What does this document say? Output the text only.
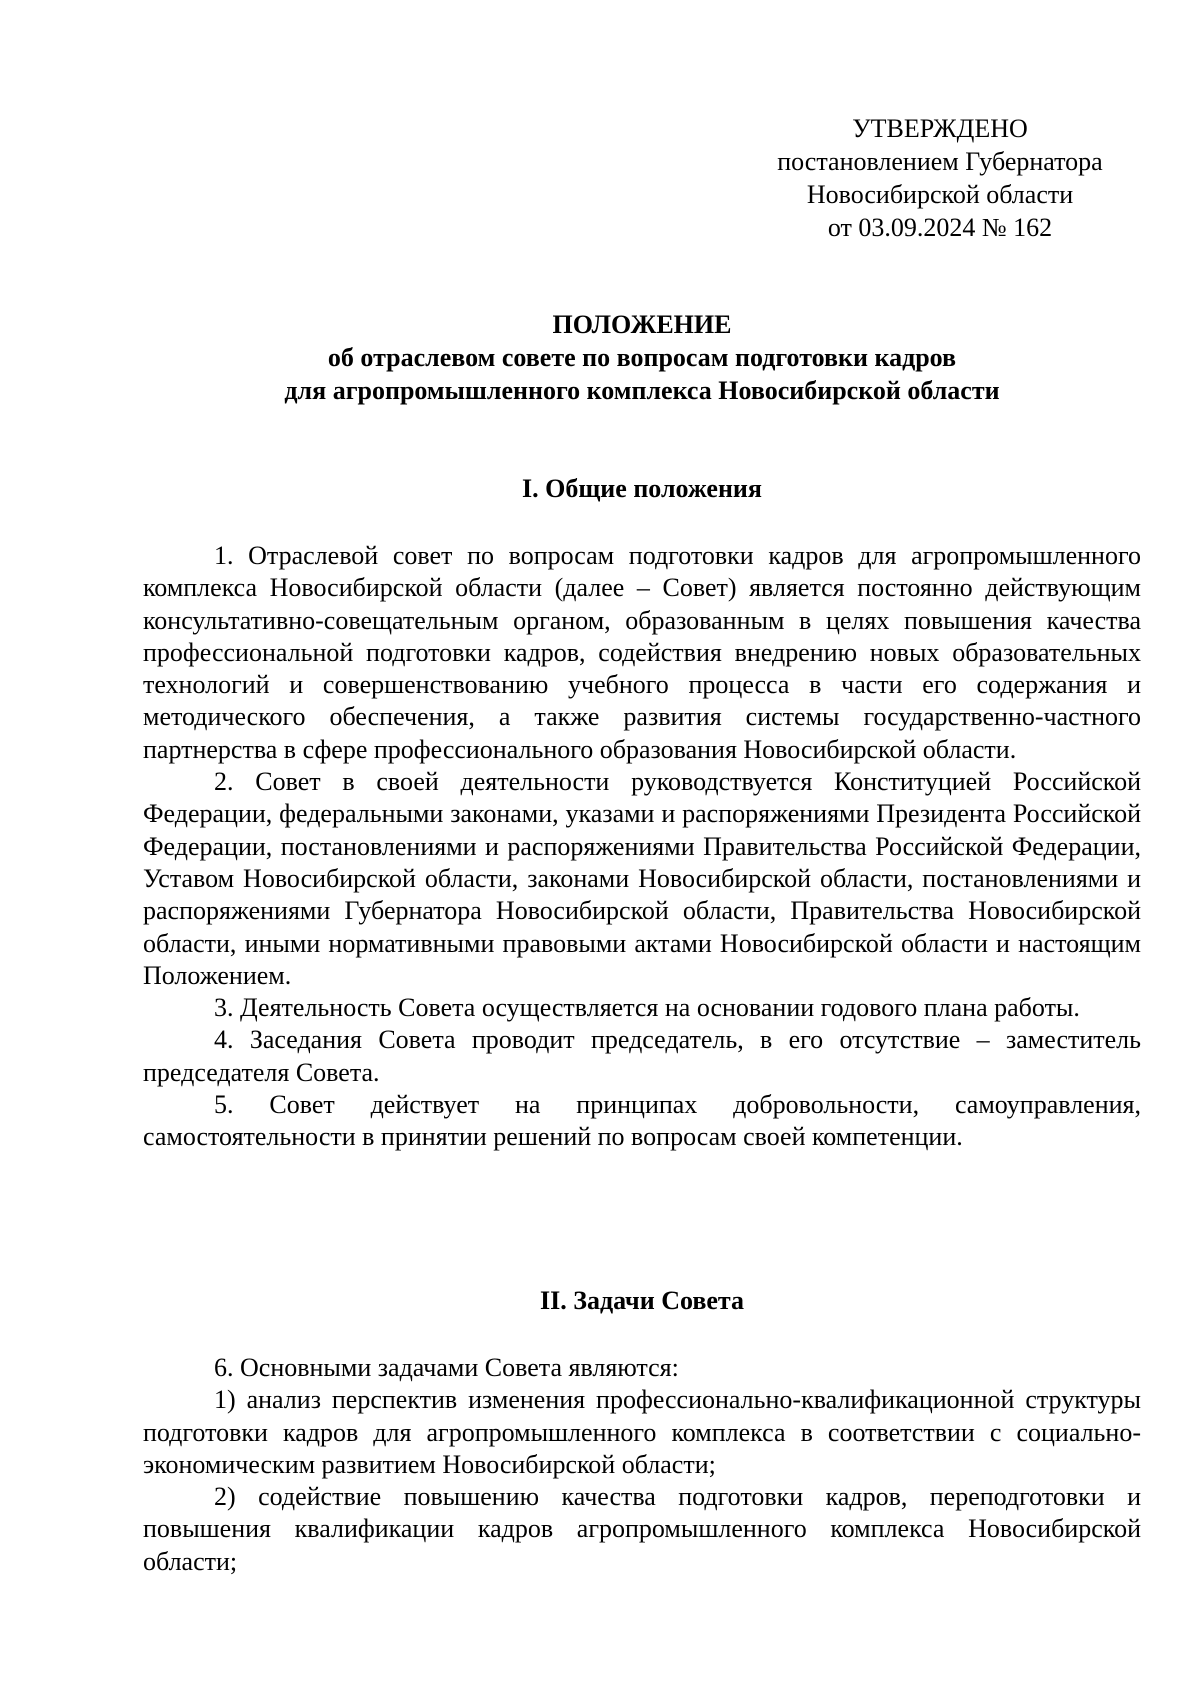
УТВЕРЖДЕНО
постановлением Губернатора
Новосибирской области
от 03.09.2024 № 162
ПОЛОЖЕНИЕ
об отраслевом совете по вопросам подготовки кадров
для агропромышленного комплекса Новосибирской области
I. Общие положения

1. Отраслевой совет по вопросам подготовки кадров для агропромышленного комплекса Новосибирской области (далее – Совет) является постоянно действующим консультативно-совещательным органом, образованным в целях повышения качества профессиональной подготовки кадров, содействия внедрению новых образовательных технологий и совершенствованию учебного процесса в части его содержания и методического обеспечения, а также развития системы государственно-частного партнерства в сфере профессионального образования Новосибирской области.

2. Совет в своей деятельности руководствуется Конституцией Российской Федерации, федеральными законами, указами и распоряжениями Президента Российской Федерации, постановлениями и распоряжениями Правительства Российской Федерации, Уставом Новосибирской области, законами Новосибирской области, постановлениями и распоряжениями Губернатора Новосибирской области, Правительства Новосибирской области, иными нормативными правовыми актами Новосибирской области и настоящим Положением.

3. Деятельность Совета осуществляется на основании годового плана работы.

4. Заседания Совета проводит председатель, в его отсутствие – заместитель председателя Совета.

5. Совет действует на принципах добровольности, самоуправления, самостоятельности в принятии решений по вопросам своей компетенции.

II. Задачи Совета

6. Основными задачами Совета являются:

1) анализ перспектив изменения профессионально-квалификационной структуры подготовки кадров для агропромышленного комплекса в соответствии с социально-экономическим развитием Новосибирской области;

2) содействие повышению качества подготовки кадров, переподготовки и повышения квалификации кадров агропромышленного комплекса Новосибирской области;
